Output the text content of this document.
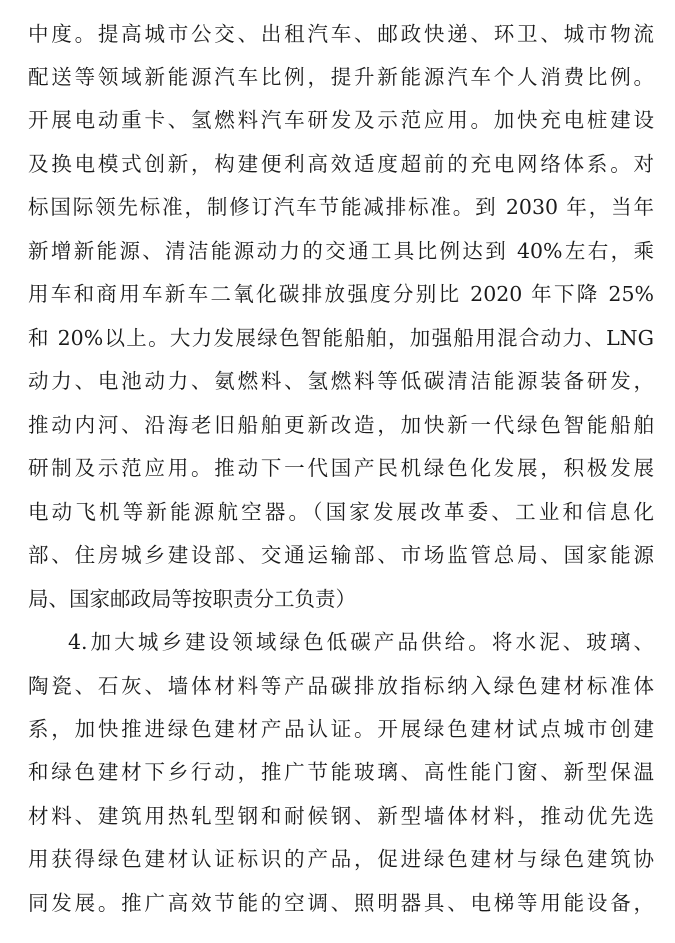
中度。提高城市公交、出租汽车、邮政快递、环卫、城市物流
配送等领域新能源汽车比例，提升新能源汽车个人消费比例。
开展电动重卡、氢燃料汽车研发及示范应用。加快充电桩建设
及换电模式创新，构建便利高效适度超前的充电网络体系。对
标国际领先标准，制修订汽车节能减排标准。到 2030 年，当年
新增新能源、清洁能源动力的交通工具比例达到 40%左右，乘
用车和商用车新车二氧化碳排放强度分别比 2020 年下降 25%
和 20%以上。大力发展绿色智能船舶，加强船用混合动力、LNG
动力、电池动力、氨燃料、氢燃料等低碳清洁能源装备研发，
推动内河、沿海老旧船舶更新改造，加快新一代绿色智能船舶
研制及示范应用。推动下一代国产民机绿色化发展，积极发展
电动飞机等新能源航空器。（国家发展改革委、工业和信息化
部、住房城乡建设部、交通运输部、市场监管总局、国家能源
局、国家邮政局等按职责分工负责）
4.加大城乡建设领域绿色低碳产品供给。将水泥、玻璃、
陶瓷、石灰、墙体材料等产品碳排放指标纳入绿色建材标准体
系，加快推进绿色建材产品认证。开展绿色建材试点城市创建
和绿色建材下乡行动，推广节能玻璃、高性能门窗、新型保温
材料、建筑用热轧型钢和耐候钢、新型墙体材料，推动优先选
用获得绿色建材认证标识的产品，促进绿色建材与绿色建筑协
同发展。推广高效节能的空调、照明器具、电梯等用能设备，
